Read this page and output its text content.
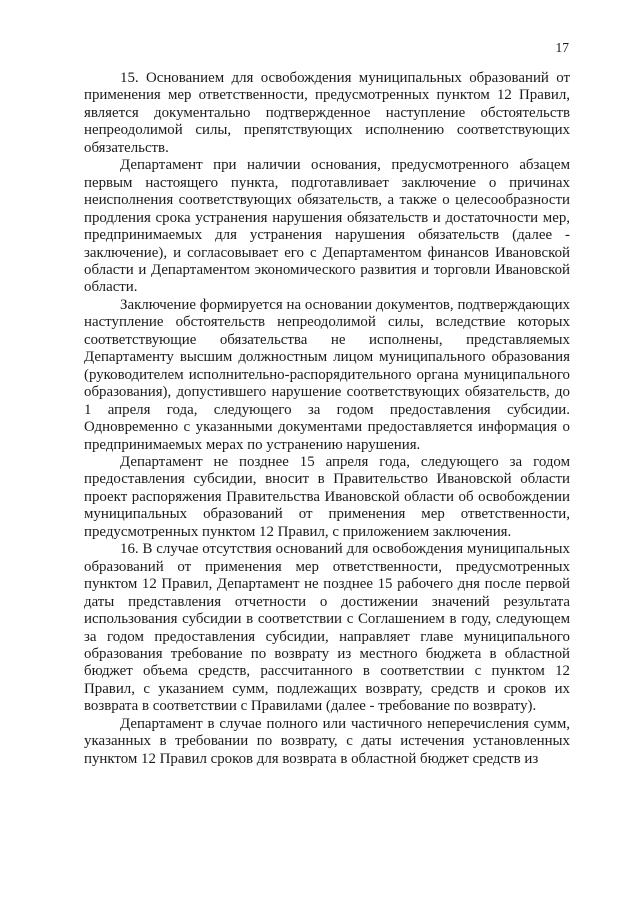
17

15. Основанием для освобождения муниципальных образований от применения мер ответственности, предусмотренных пунктом 12 Правил, является документально подтвержденное наступление обстоятельств непреодолимой силы, препятствующих исполнению соответствующих обязательств.

Департамент при наличии основания, предусмотренного абзацем первым настоящего пункта, подготавливает заключение о причинах неисполнения соответствующих обязательств, а также о целесообразности продления срока устранения нарушения обязательств и достаточности мер, предпринимаемых для устранения нарушения обязательств (далее - заключение), и согласовывает его с Департаментом финансов Ивановской области и Департаментом экономического развития и торговли Ивановской области.

Заключение формируется на основании документов, подтверждающих наступление обстоятельств непреодолимой силы, вследствие которых соответствующие обязательства не исполнены, представляемых Департаменту высшим должностным лицом муниципального образования (руководителем исполнительно-распорядительного органа муниципального образования), допустившего нарушение соответствующих обязательств, до 1 апреля года, следующего за годом предоставления субсидии. Одновременно с указанными документами предоставляется информация о предпринимаемых мерах по устранению нарушения.

Департамент не позднее 15 апреля года, следующего за годом предоставления субсидии, вносит в Правительство Ивановской области проект распоряжения Правительства Ивановской области об освобождении муниципальных образований от применения мер ответственности, предусмотренных пунктом 12 Правил, с приложением заключения.

16. В случае отсутствия оснований для освобождения муниципальных образований от применения мер ответственности, предусмотренных пунктом 12 Правил, Департамент не позднее 15 рабочего дня после первой даты представления отчетности о достижении значений результата использования субсидии в соответствии с Соглашением в году, следующем за годом предоставления субсидии, направляет главе муниципального образования требование по возврату из местного бюджета в областной бюджет объема средств, рассчитанного в соответствии с пунктом 12 Правил, с указанием сумм, подлежащих возврату, средств и сроков их возврата в соответствии с Правилами (далее - требование по возврату).

Департамент в случае полного или частичного неперечисления сумм, указанных в требовании по возврату, с даты истечения установленных пунктом 12 Правил сроков для возврата в областной бюджет средств из
